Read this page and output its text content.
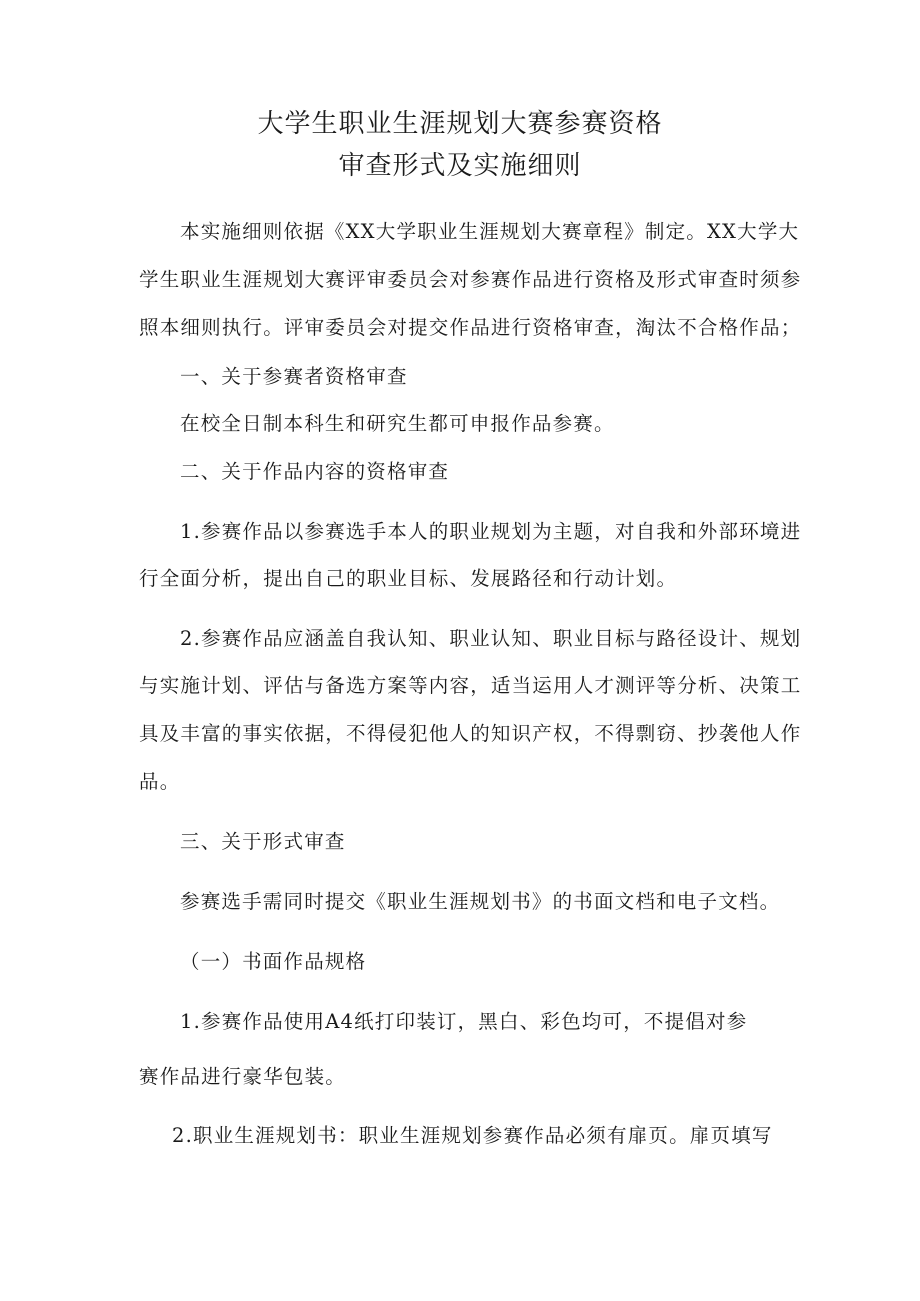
大学生职业生涯规划大赛参赛资格
审查形式及实施细则
本实施细则依据《XX大学职业生涯规划大赛章程》制定。XX大学大
学生职业生涯规划大赛评审委员会对参赛作品进行资格及形式审查时须参
照本细则执行。评审委员会对提交作品进行资格审查，淘汰不合格作品；
一、关于参赛者资格审查
在校全日制本科生和研究生都可申报作品参赛。
二、关于作品内容的资格审查
1.参赛作品以参赛选手本人的职业规划为主题，对自我和外部环境进
行全面分析，提出自己的职业目标、发展路径和行动计划。
2.参赛作品应涵盖自我认知、职业认知、职业目标与路径设计、规划
与实施计划、评估与备选方案等内容，适当运用人才测评等分析、决策工
具及丰富的事实依据，不得侵犯他人的知识产权，不得剽窃、抄袭他人作
品。
三、关于形式审查
参赛选手需同时提交《职业生涯规划书》的书面文档和电子文档。
（一）书面作品规格
1.参赛作品使用A4纸打印装订，黑白、彩色均可，不提倡对参
赛作品进行豪华包装。
2.职业生涯规划书：职业生涯规划参赛作品必须有扉页。扉页填写
